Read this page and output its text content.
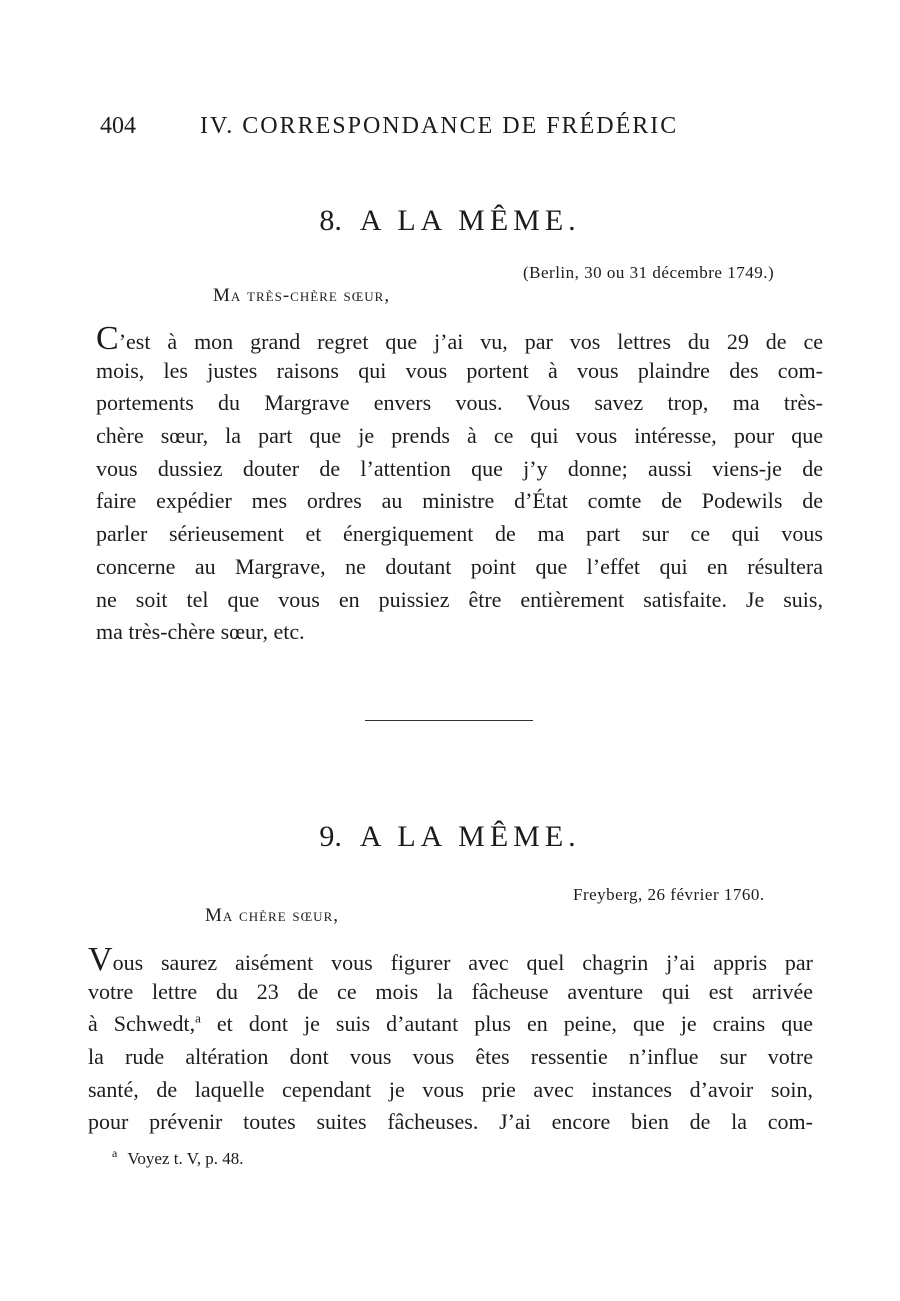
404	IV. CORRESPONDANCE DE FRÉDÉRIC
8. A LA MÊME.
(Berlin, 30 ou 31 décembre 1749.)
Ma très-chère sœur,
C’est à mon grand regret que j’ai vu, par vos lettres du 29 de ce
mois, les justes raisons qui vous portent à vous plaindre des com-
portements du Margrave envers vous. Vous savez trop, ma très-
chère sœur, la part que je prends à ce qui vous intéresse, pour que
vous dussiez douter de l’attention que j’y donne; aussi viens-je de
faire expédier mes ordres au ministre d’État comte de Podewils de
parler sérieusement et énergiquement de ma part sur ce qui vous
concerne au Margrave, ne doutant point que l’effet qui en résultera
ne soit tel que vous en puissiez être entièrement satisfaite. Je suis,
ma très-chère sœur, etc.
9. A LA MÊME.
Freyberg, 26 février 1760.
Ma chère sœur,
Vous saurez aisément vous figurer avec quel chagrin j’ai appris par
votre lettre du 23 de ce mois la fâcheuse aventure qui est arrivée
à Schwedt,$^a$ et dont je suis d’autant plus en peine, que je crains que
la rude altération dont vous vous êtes ressentie n’influe sur votre
santé, de laquelle cependant je vous prie avec instances d’avoir soin,
pour prévenir toutes suites fâcheuses. J’ai encore bien de la com-
$^a$ Voyez t. V, p. 48.
